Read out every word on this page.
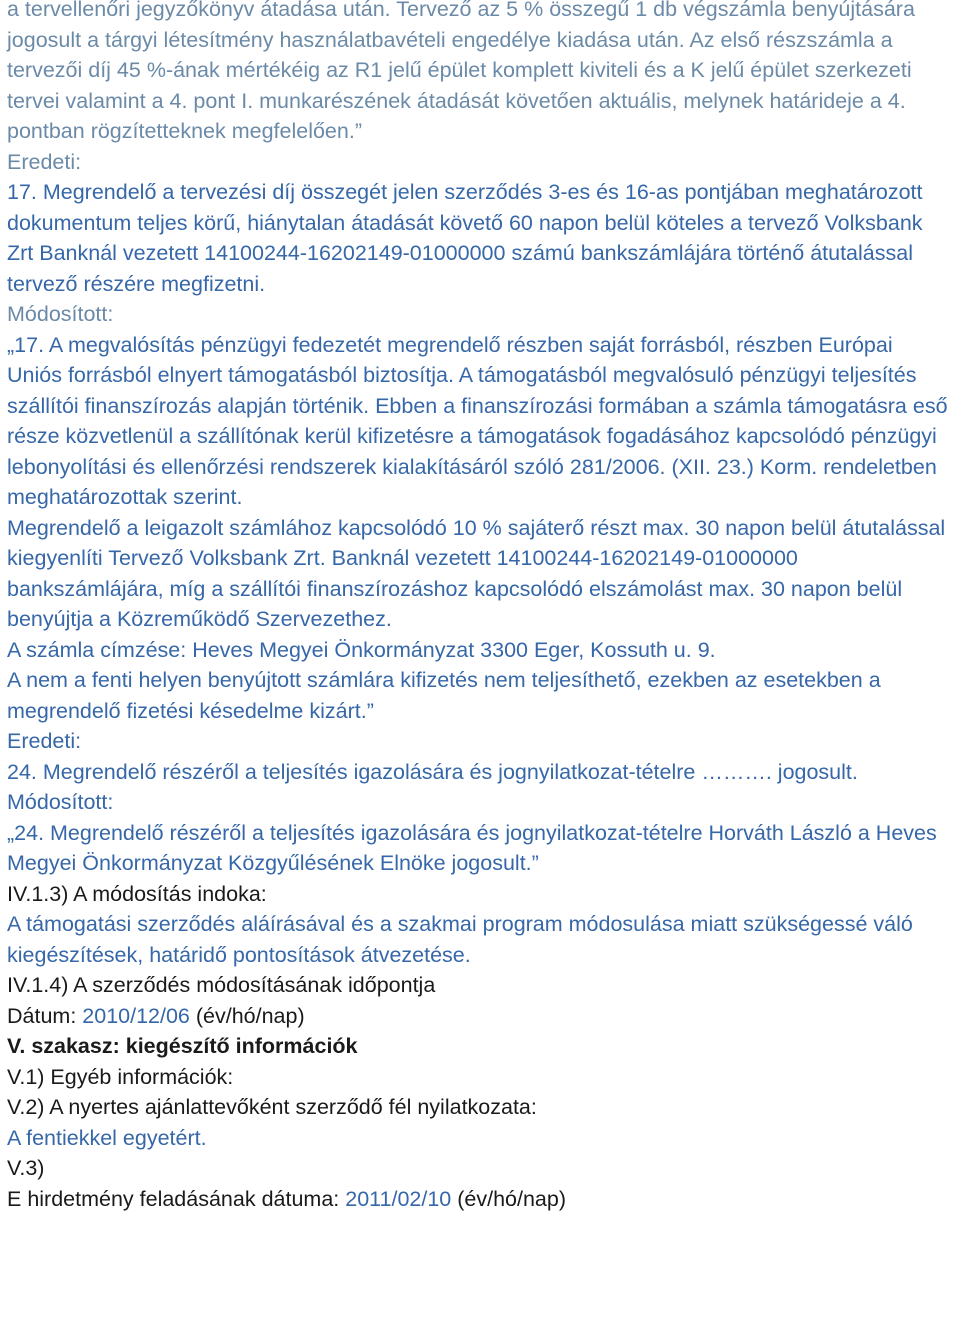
a tervellenőri jegyzőkönyv átadása után. Tervező az 5 % összegű 1 db végszámla benyújtására jogosult a tárgyi létesítmény használatbavételi engedélye kiadása után. Az első részszámla a tervezői díj 45 %-ának mértékéig az R1 jelű épület komplett kiviteli és a K jelű épület szerkezeti tervei valamint a 4. pont I. munkarészének átadását követően aktuális, melynek határideje a 4. pontban rögzítetteknek megfelelően.”

Eredeti:

17. Megrendelő a tervezési díj összegét jelen szerződés 3-es és 16-as pontjában meghatározott dokumentum teljes körű, hiánytalan átadását követő 60 napon belül köteles a tervező Volksbank Zrt Banknál vezetett 14100244-16202149-01000000 számú bankszámlájára történő átutalással tervező részére megfizetni.

Módosított:

„17. A megvalósítás pénzügyi fedezetét megrendelő részben saját forrásból, részben Európai Uniós forrásból elnyert támogatásból biztosítja. A támogatásból megvalósuló pénzügyi teljesítés szállítói finanszírozás alapján történik. Ebben a finanszírozási formában a számla támogatásra eső része közvetlenül a szállítónak kerül kifizetésre a támogatások fogadásához kapcsolódó pénzügyi lebonyolítási és ellenőrzési rendszerek kialakításáról szóló 281/2006. (XII. 23.) Korm. rendeletben meghatározottak szerint.

Megrendelő a leigazolt számlához kapcsolódó 10 % sajáterő részt max. 30 napon belül átutalással kiegyenlíti Tervező Volksbank Zrt. Banknál vezetett 14100244-16202149-01000000 bankszámlájára, míg a szállítói finanszírozáshoz kapcsolódó elszámolást max. 30 napon belül benyújtja a Közreműködő Szervezethez.

A számla címzése: Heves Megyei Önkormányzat 3300 Eger, Kossuth u. 9.

A nem a fenti helyen benyújtott számlára kifizetés nem teljesíthető, ezekben az esetekben a megrendelő fizetési késedelme kizárt.”

Eredeti:

24. Megrendelő részéről a teljesítés igazolására és jognyilatkozat-tételre ………. jogosult.

Módosított:

„24. Megrendelő részéről a teljesítés igazolására és jognyilatkozat-tételre Horváth László a Heves Megyei Önkormányzat Közgyűlésének Elnöke jogosult.”

IV.1.3) A módosítás indoka:

A támogatási szerződés aláírásával és a szakmai program módosulása miatt szükségessé váló kiegészítések, határidő pontosítások átvezetése.

IV.1.4) A szerződés módosításának időpontja

Dátum: 2010/12/06 (év/hó/nap)

V. szakasz: kiegészítő információk

V.1) Egyéb információk:

V.2) A nyertes ajánlattevőként szerződő fél nyilatkozata:

A fentiekkel egyetért.

V.3)

E hirdetmény feladásának dátuma: 2011/02/10 (év/hó/nap)
